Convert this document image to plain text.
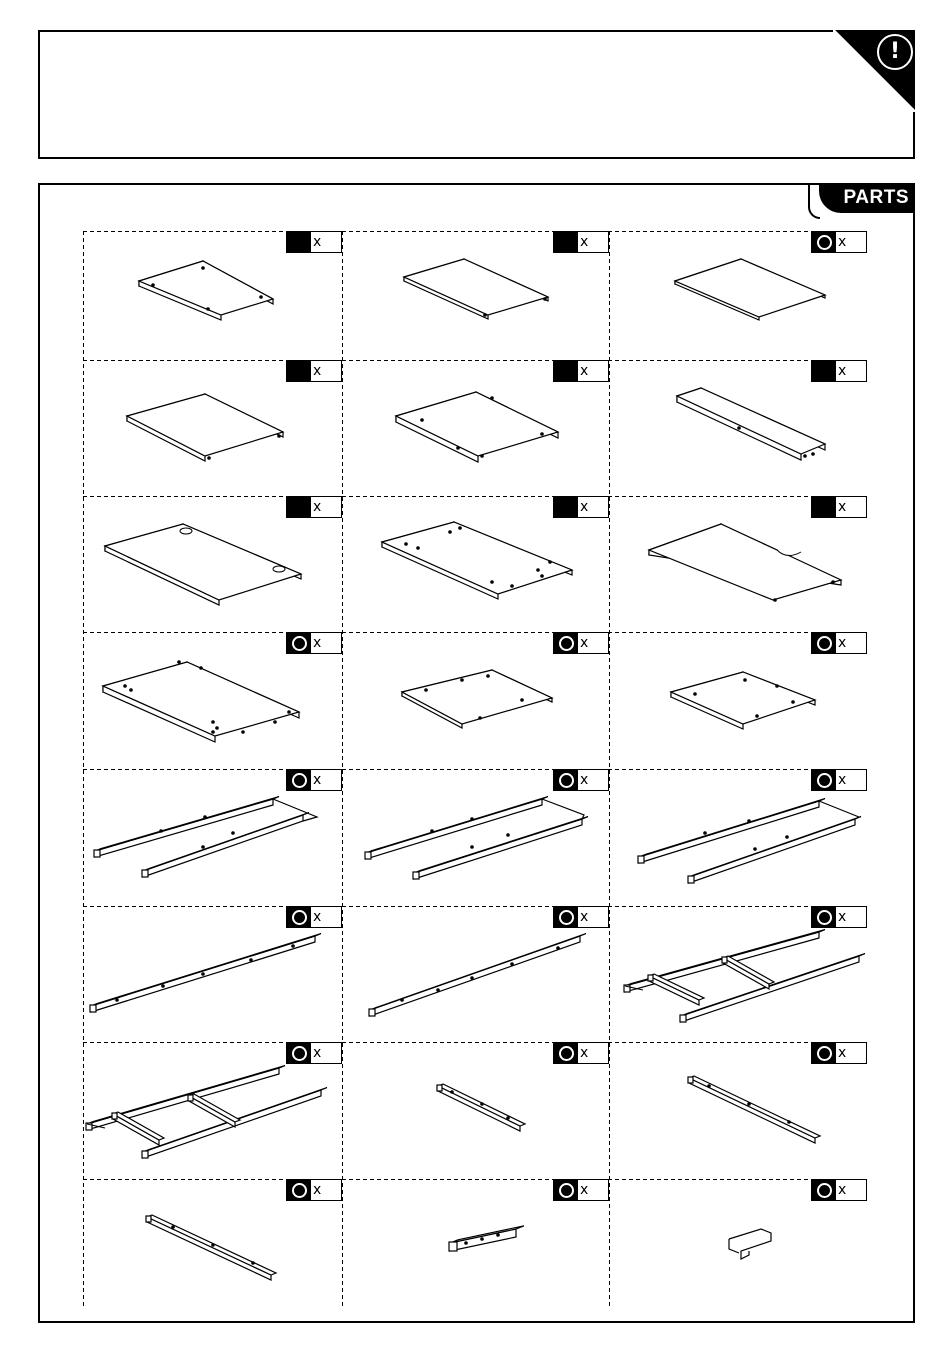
!
PARTS
x	x	x
x	x	x
x	x	x
x	x	x
x	x	x
x	x	x
x	x	x
x	x	x
